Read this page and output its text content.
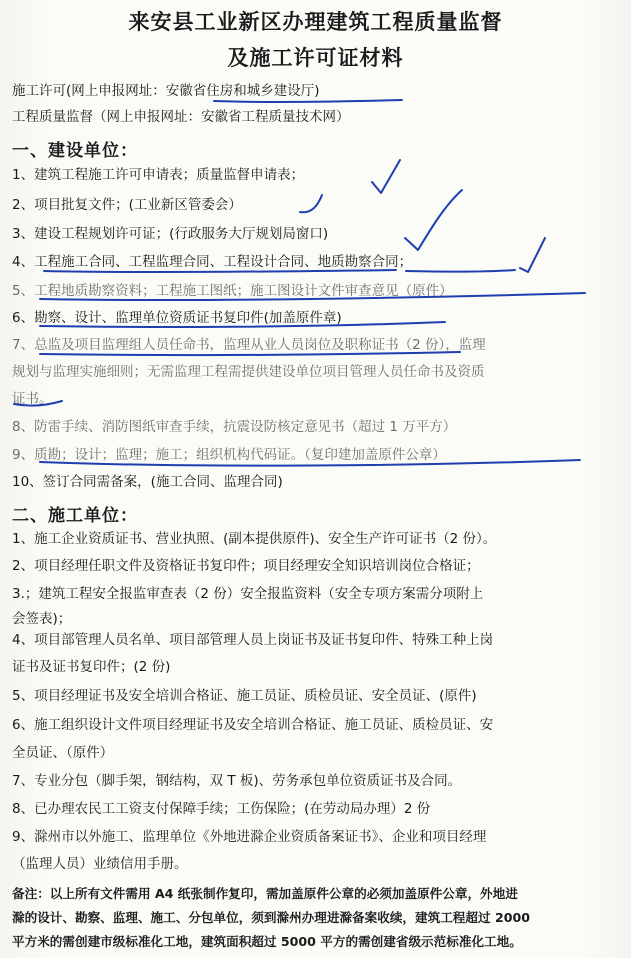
来安县工业新区办理建筑工程质量监督
及施工许可证材料
施工许可(网上申报网址：安徽省住房和城乡建设厅)
工程质量监督（网上申报网址：安徽省工程质量技术网）
一、建设单位：
1、建筑工程施工许可申请表；质量监督申请表；
2、项目批复文件；(工业新区管委会）
3、建设工程规划许可证；(行政服务大厅规划局窗口)
4、工程施工合同、工程监理合同、工程设计合同、地质勘察合同；
5、工程地质勘察资料；工程施工图纸；施工图设计文件审查意见（原件）
6、勘察、设计、监理单位资质证书复印件(加盖原件章)
7、总监及项目监理组人员任命书，监理从业人员岗位及职称证书（2 份），监理
规划与监理实施细则；无需监理工程需提供建设单位项目管理人员任命书及资质
证书。
8、防雷手续、消防图纸审查手续，抗震设防核定意见书（超过 1 万平方）
9、质勘；设计；监理；施工；组织机构代码证。（复印建加盖原件公章）
10、签订合同需备案，(施工合同、监理合同)
二、施工单位：
1、施工企业资质证书、营业执照、(副本提供原件)、安全生产许可证书（2 份）。
2、项目经理任职文件及资格证书复印件；项目经理安全知识培训岗位合格证；
3.；建筑工程安全报监审查表（2 份）安全报监资料（安全专项方案需分项附上
会签表)；
4、项目部管理人员名单、项目部管理人员上岗证书及证书复印件、特殊工种上岗
证书及证书复印件；(2 份)
5、项目经理证书及安全培训合格证、施工员证、质检员证、安全员证、(原件)
6、施工组织设计文件项目经理证书及安全培训合格证、施工员证、质检员证、安
全员证、（原件）
7、专业分包（脚手架，钢结构，双 T 板)、劳务承包单位资质证书及合同。
8、已办理农民工工资支付保障手续；工伤保险；(在劳动局办理）2 份
9、滁州市以外施工、监理单位《外地进滁企业资质备案证书》、企业和项目经理
（监理人员）业绩信用手册。
备注：以上所有文件需用 A4 纸张制作复印，需加盖原件公章的必须加盖原件公章，外地进
滁的设计、勘察、监理、施工、分包单位，须到滁州办理进滁备案收续，建筑工程超过 2000
平方米的需创建市级标准化工地，建筑面积超过 5000 平方的需创建省级示范标准化工地。
